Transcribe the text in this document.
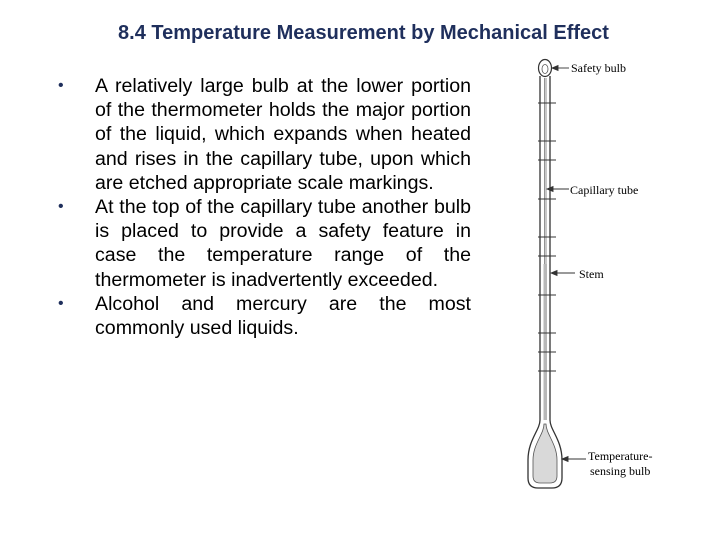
8.4 Temperature Measurement by Mechanical Effect
• A relatively large bulb at the lower portion of the thermometer holds the major portion of the liquid, which expands when heated and rises in the capillary tube, upon which are etched appropriate scale markings.
• At the top of the capillary tube another bulb is placed to provide a safety feature in case the temperature range of the thermometer is inadvertently exceeded.
• Alcohol and mercury are the most commonly used liquids.
Safety bulb
Capillary tube
Stem
Temperature-
sensing bulb
